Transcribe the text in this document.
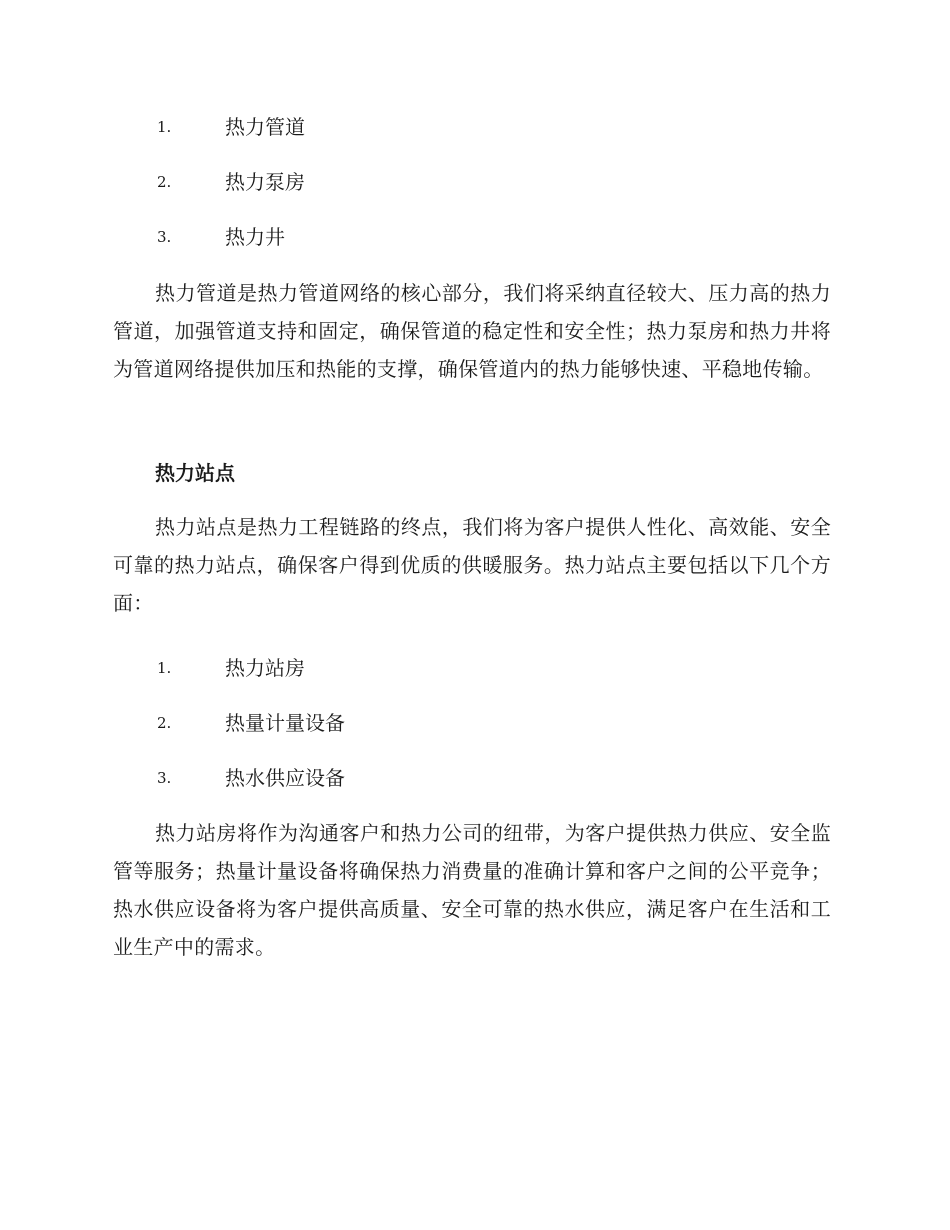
1.	热力管道
2.	热力泵房
3.	热力井

热力管道是热力管道网络的核心部分，我们将采纳直径较大、压力高的热力管道，加强管道支持和固定，确保管道的稳定性和安全性；热力泵房和热力井将为管道网络提供加压和热能的支撑，确保管道内的热力能够快速、平稳地传输。

热力站点

热力站点是热力工程链路的终点，我们将为客户提供人性化、高效能、安全可靠的热力站点，确保客户得到优质的供暖服务。热力站点主要包括以下几个方面：

1.	热力站房
2.	热量计量设备
3.	热水供应设备

热力站房将作为沟通客户和热力公司的纽带，为客户提供热力供应、安全监管等服务；热量计量设备将确保热力消费量的准确计算和客户之间的公平竞争；热水供应设备将为客户提供高质量、安全可靠的热水供应，满足客户在生活和工业生产中的需求。
